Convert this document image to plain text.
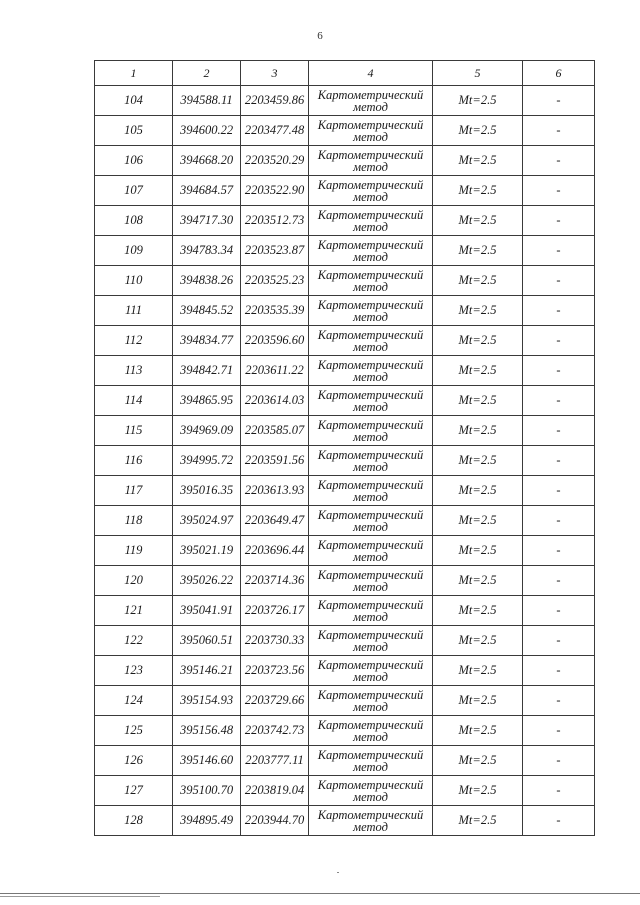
6
1	2	3	4	5	6
104	394588.11	2203459.86	Картометрический
метод	Mt=2.5	-
105	394600.22	2203477.48	Картометрический
метод	Mt=2.5	-
106	394668.20	2203520.29	Картометрический
метод	Mt=2.5	-
107	394684.57	2203522.90	Картометрический
метод	Mt=2.5	-
108	394717.30	2203512.73	Картометрический
метод	Mt=2.5	-
109	394783.34	2203523.87	Картометрический
метод	Mt=2.5	-
110	394838.26	2203525.23	Картометрический
метод	Mt=2.5	-
111	394845.52	2203535.39	Картометрический
метод	Mt=2.5	-
112	394834.77	2203596.60	Картометрический
метод	Mt=2.5	-
113	394842.71	2203611.22	Картометрический
метод	Mt=2.5	-
114	394865.95	2203614.03	Картометрический
метод	Mt=2.5	-
115	394969.09	2203585.07	Картометрический
метод	Mt=2.5	-
116	394995.72	2203591.56	Картометрический
метод	Mt=2.5	-
117	395016.35	2203613.93	Картометрический
метод	Mt=2.5	-
118	395024.97	2203649.47	Картометрический
метод	Mt=2.5	-
119	395021.19	2203696.44	Картометрический
метод	Mt=2.5	-
120	395026.22	2203714.36	Картометрический
метод	Mt=2.5	-
121	395041.91	2203726.17	Картометрический
метод	Mt=2.5	-
122	395060.51	2203730.33	Картометрический
метод	Mt=2.5	-
123	395146.21	2203723.56	Картометрический
метод	Mt=2.5	-
124	395154.93	2203729.66	Картометрический
метод	Mt=2.5	-
125	395156.48	2203742.73	Картометрический
метод	Mt=2.5	-
126	395146.60	2203777.11	Картометрический
метод	Mt=2.5	-
127	395100.70	2203819.04	Картометрический
метод	Mt=2.5	-
128	394895.49	2203944.70	Картометрический
метод	Mt=2.5	-
